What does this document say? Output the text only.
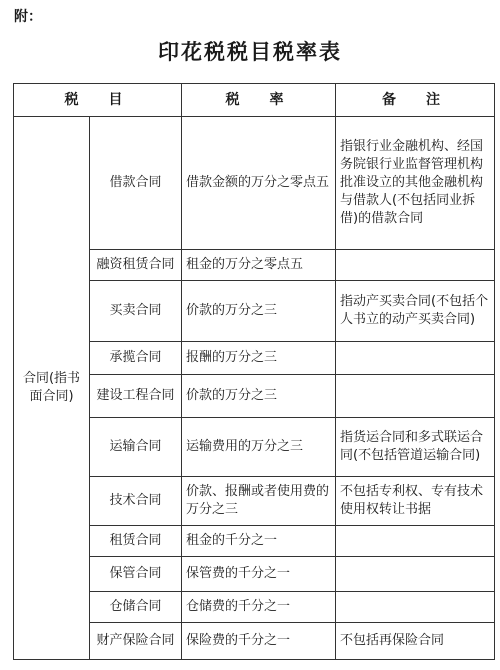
附：
印花税税目税率表
税　目		税　率	备　注
合同(指书面合同)	借款合同	借款金额的万分之零点五	指银行业金融机构、经国务院银行业监督管理机构批准设立的其他金融机构与借款人(不包括同业拆借)的借款合同
	融资租赁合同	租金的万分之零点五	
	买卖合同	价款的万分之三	指动产买卖合同(不包括个人书立的动产买卖合同)
	承揽合同	报酬的万分之三	
	建设工程合同	价款的万分之三	
	运输合同	运输费用的万分之三	指货运合同和多式联运合同(不包括管道运输合同)
	技术合同	价款、报酬或者使用费的万分之三	不包括专利权、专有技术使用权转让书据
	租赁合同	租金的千分之一	
	保管合同	保管费的千分之一	
	仓储合同	仓储费的千分之一	
	财产保险合同	保险费的千分之一	不包括再保险合同
